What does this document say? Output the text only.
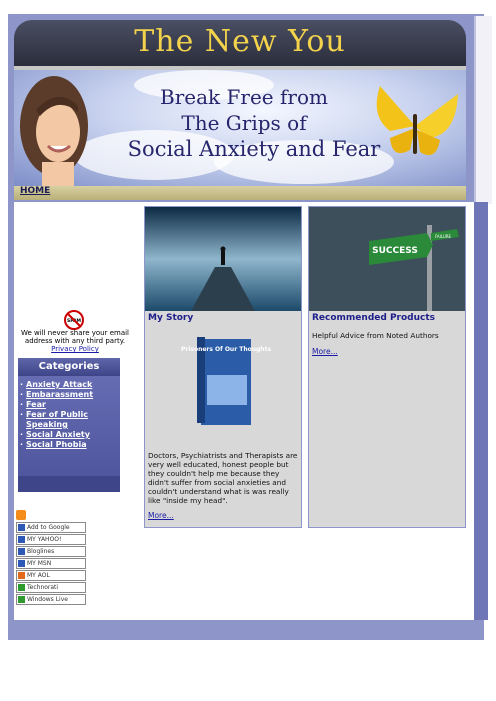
The New You
Break Free from
The Grips of
Social Anxiety and Fear
HOME
SPAM
We will never share your email address with any third party. Privacy Policy
Categories
· Anxiety Attack
· Embarassment
· Fear
· Fear of Public Speaking
· Social Anxiety
· Social Phobia
Add to Google
MY YAHOO!
Bloglines
MY MSN
MY AOL
Technorati
Windows Live
My Story
Prisoners Of Our Thoughts
Doctors, Psychiatrists and Therapists are very well educated, honest people but they couldn't help me because they didn't suffer from social anxieties and couldn't understand what is was really like "inside my head".
More...
SUCCESS
FAILURE
Recommended Products
Helpful Advice from Noted Authors
More...
